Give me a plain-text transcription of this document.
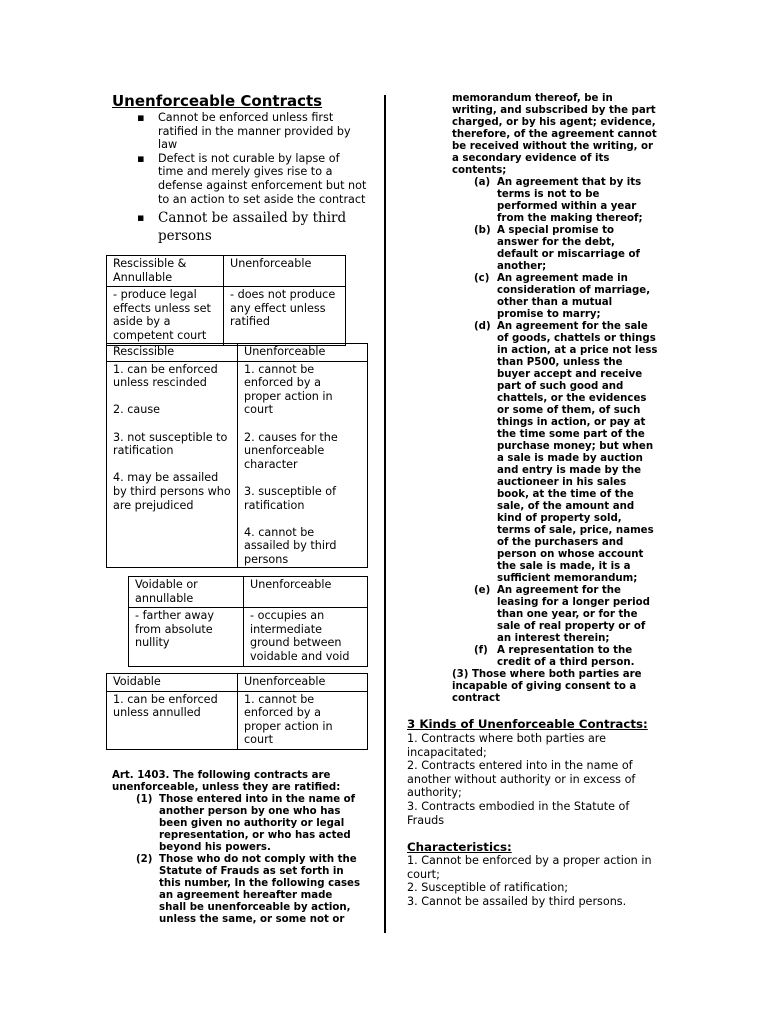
Unenforceable Contracts
▪ Cannot be enforced unless first ratified in the manner provided by law
▪ Defect is not curable by lapse of time and merely gives rise to a defense against enforcement but not to an action to set aside the contract
▪ Cannot be assailed by third persons
Rescissible &
Annullable	Unenforceable
- produce legal effects unless set aside by a competent court	- does not produce any effect unless ratified
Rescissible	Unenforceable
1. can be enforced unless rescinded

2. cause

3. not susceptible to ratification

4. may be assailed by third persons who are prejudiced	1. cannot be enforced by a proper action in court

2. causes for the unenforceable character

3. susceptible of ratification

4. cannot be assailed by third persons
Voidable or
annullable	Unenforceable
- farther away from absolute nullity	- occupies an intermediate ground between voidable and void
Voidable	Unenforceable
1. can be enforced unless annulled	1. cannot be enforced by a proper action in court
Art. 1403. The following contracts are unenforceable, unless they are ratified:
(1) Those entered into in the name of another person by one who has been given no authority or legal representation, or who has acted beyond his powers.
(2) Those who do not comply with the Statute of Frauds as set forth in this number, In the following cases an agreement hereafter made shall be unenforceable by action, unless the same, or some not or
memorandum thereof, be in writing, and subscribed by the part charged, or by his agent; evidence, therefore, of the agreement cannot be received without the writing, or a secondary evidence of its contents;
(a) An agreement that by its terms is not to be performed within a year from the making thereof;
(b) A special promise to answer for the debt, default or miscarriage of another;
(c) An agreement made in consideration of marriage, other than a mutual promise to marry;
(d) An agreement for the sale of goods, chattels or things in action, at a price not less than P500, unless the buyer accept and receive part of such good and chattels, or the evidences or some of them, of such things in action, or pay at the time some part of the purchase money; but when a sale is made by auction and entry is made by the auctioneer in his sales book, at the time of the sale, of the amount and kind of property sold, terms of sale, price, names of the purchasers and person on whose account the sale is made, it is a sufficient memorandum;
(e) An agreement for the leasing for a longer period than one year, or for the sale of real property or of an interest therein;
(f) A representation to the credit of a third person.
(3) Those where both parties are incapable of giving consent to a contract
3 Kinds of Unenforceable Contracts:
1. Contracts where both parties are incapacitated;
2. Contracts entered into in the name of another without authority or in excess of authority;
3. Contracts embodied in the Statute of Frauds
Characteristics:
1. Cannot be enforced by a proper action in court;
2. Susceptible of ratification;
3. Cannot be assailed by third persons.
